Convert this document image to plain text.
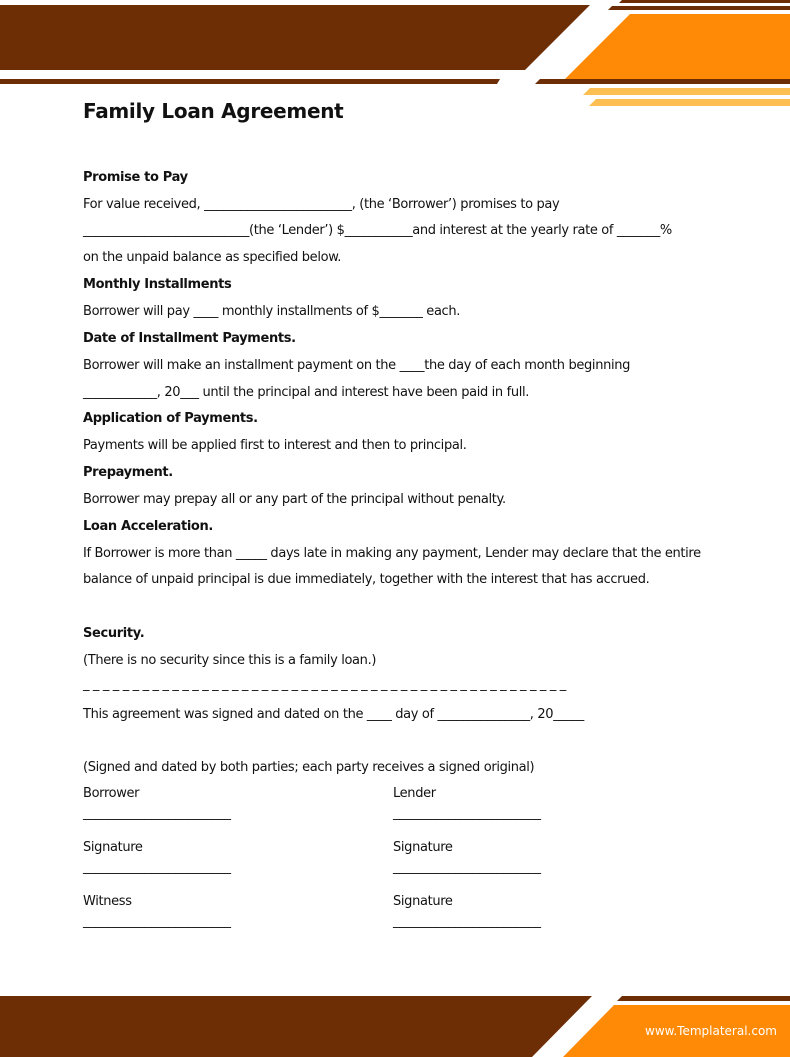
Family Loan Agreement
Promise to Pay
For value received, ________________________, (the ‘Borrower’) promises to pay
___________________________(the ‘Lender’) $___________and interest at the yearly rate of _______%
on the unpaid balance as specified below.
Monthly Installments
Borrower will pay ____ monthly installments of $_______ each.
Date of Installment Payments.
Borrower will make an installment payment on the ____the day of each month beginning
____________, 20___ until the principal and interest have been paid in full.
Application of Payments.
Payments will be applied first to interest and then to principal.
Prepayment.
Borrower may prepay all or any part of the principal without penalty.
Loan Acceleration.
If Borrower is more than _____ days late in making any payment, Lender may declare that the entire
balance of unpaid principal is due immediately, together with the interest that has accrued.
Security.
(There is no security since this is a family loan.)
_ _ _ _ _ _ _ _ _ _ _ _ _ _ _ _ _ _ _ _ _ _ _ _ _ _ _ _ _ _ _ _ _ _ _ _ _ _ _ _ _ _ _ _ _ _ _ _ _
This agreement was signed and dated on the ____ day of _______________, 20_____
(Signed and dated by both parties; each party receives a signed original)
Borrower
________________________
Signature
________________________
Witness
________________________
Lender
________________________
Signature
________________________
Signature
________________________
www.Templateral.com
